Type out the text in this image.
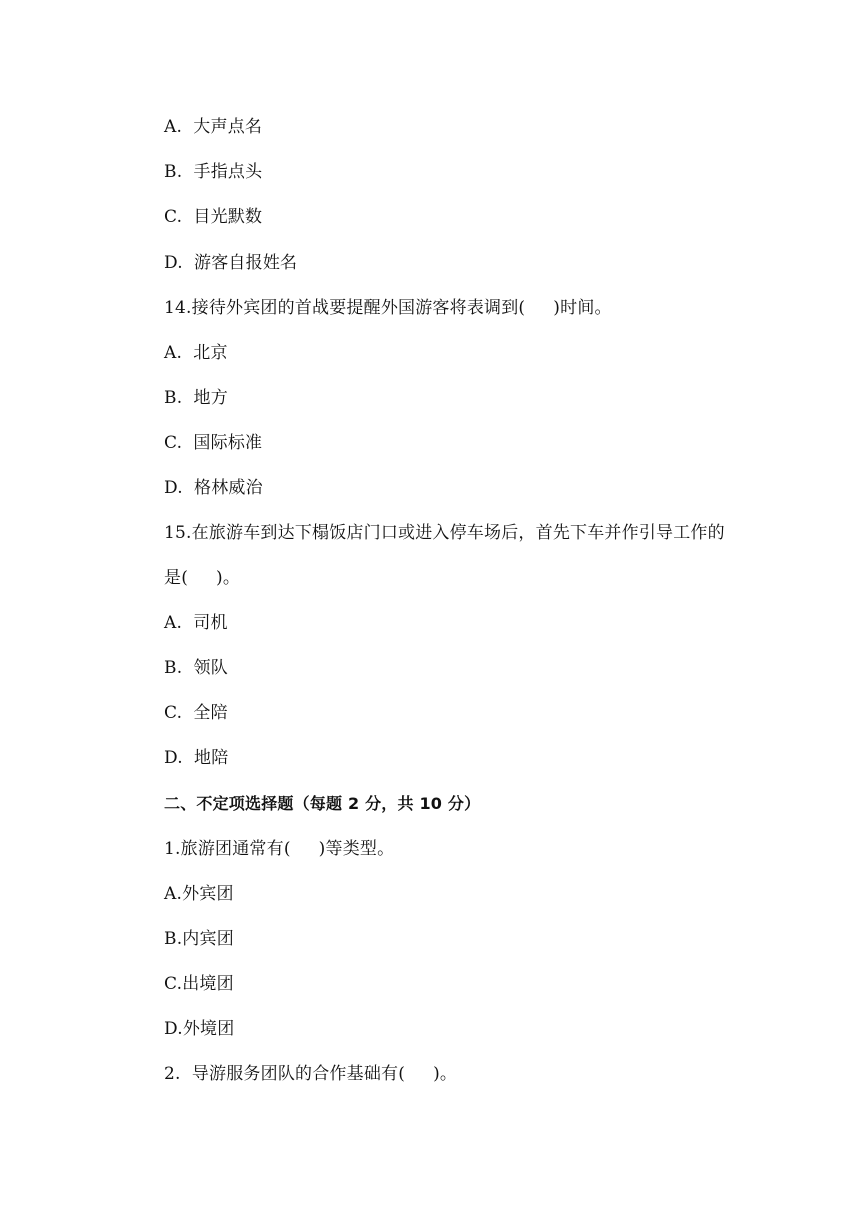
A.  大声点名
B.  手指点头
C.  目光默数
D.  游客自报姓名
14.接待外宾团的首战要提醒外国游客将表调到(     )时间。
A.  北京
B.  地方
C.  国际标准
D.  格林威治
15.在旅游车到达下榻饭店门口或进入停车场后，首先下车并作引导工作的
是(     )。
A.  司机
B.  领队
C.  全陪
D.  地陪
二、不定项选择题（每题 2 分，共 10 分）
1.旅游团通常有(     )等类型。
A.外宾团
B.内宾团
C.出境团
D.外境团
2.  导游服务团队的合作基础有(     )。
